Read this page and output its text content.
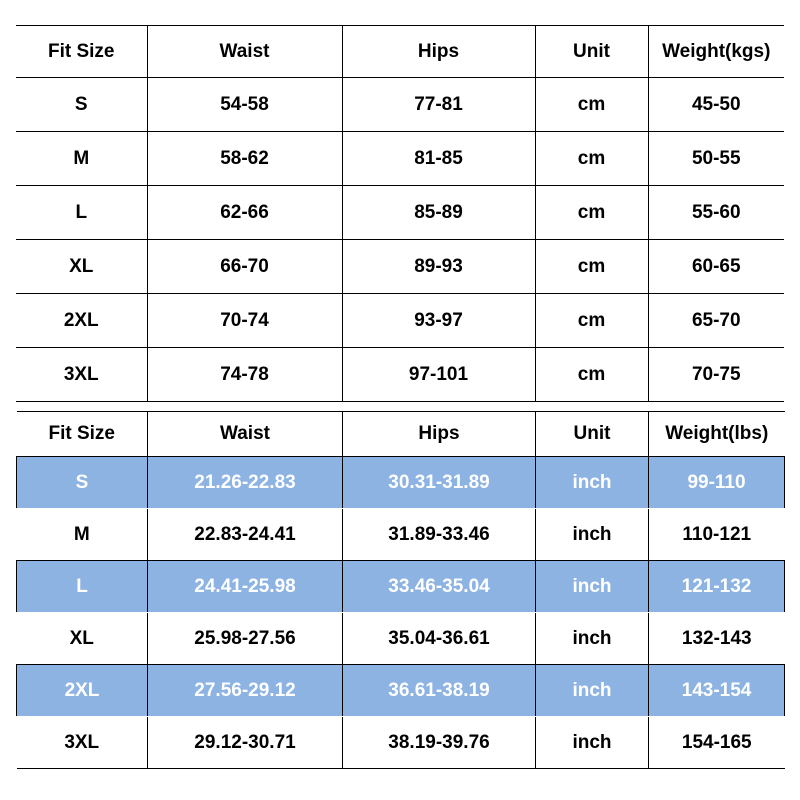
Fit Size	Waist	Hips	Unit	Weight(kgs)
S	54-58	77-81	cm	45-50
M	58-62	81-85	cm	50-55
L	62-66	85-89	cm	55-60
XL	66-70	89-93	cm	60-65
2XL	70-74	93-97	cm	65-70
3XL	74-78	97-101	cm	70-75
Fit Size	Waist	Hips	Unit	Weight(lbs)
S	21.26-22.83	30.31-31.89	inch	99-110
M	22.83-24.41	31.89-33.46	inch	110-121
L	24.41-25.98	33.46-35.04	inch	121-132
XL	25.98-27.56	35.04-36.61	inch	132-143
2XL	27.56-29.12	36.61-38.19	inch	143-154
3XL	29.12-30.71	38.19-39.76	inch	154-165
